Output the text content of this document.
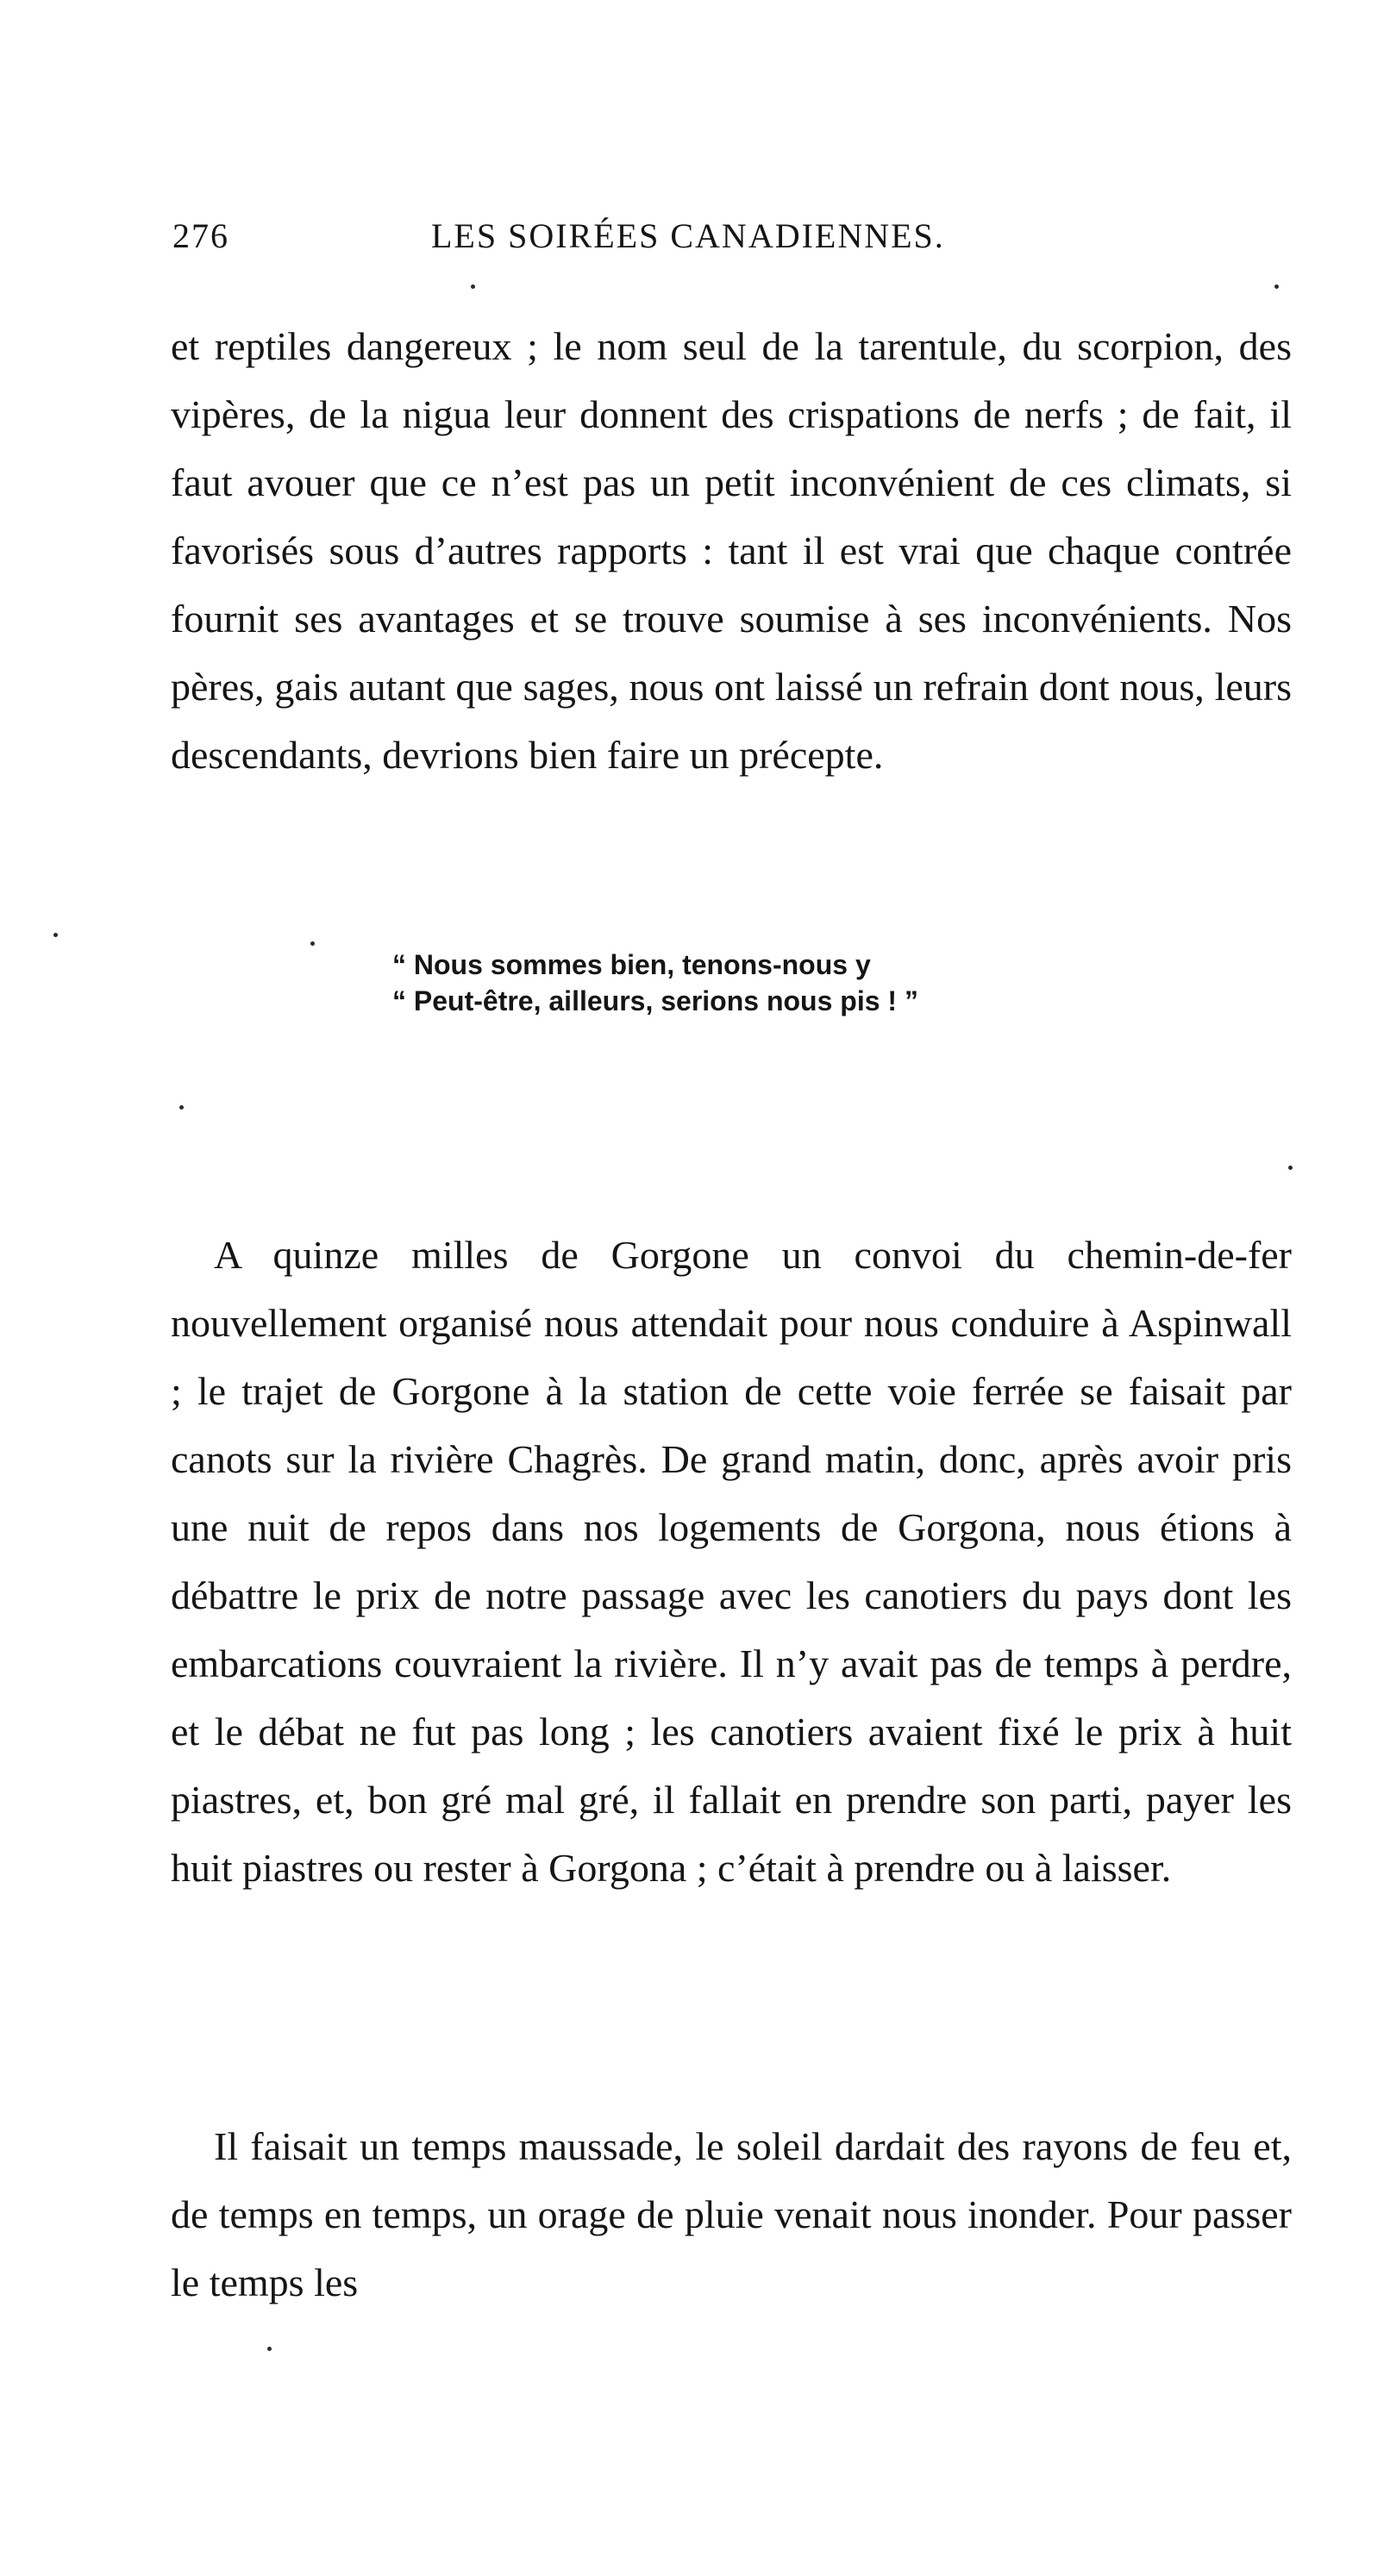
276	LES SOIRÉES CANADIENNES.

et reptiles dangereux ; le nom seul de la tarentule, du scorpion, des vipères, de la nigua leur donnent des crispations de nerfs ; de fait, il faut avouer que ce n’est pas un petit inconvénient de ces climats, si favorisés sous d’autres rapports : tant il est vrai que chaque contrée fournit ses avantages et se trouve soumise à ses inconvénients. Nos pères, gais autant que sages, nous ont laissé un refrain dont nous, leurs descendants, devrions bien faire un précepte.

“ Nous sommes bien, tenons-nous y
“ Peut-être, ailleurs, serions nous pis ! ”

A quinze milles de Gorgone un convoi du chemin-de-fer nouvellement organisé nous attendait pour nous conduire à Aspinwall ; le trajet de Gorgone à la station de cette voie ferrée se faisait par canots sur la rivière Chagrès. De grand matin, donc, après avoir pris une nuit de repos dans nos logements de Gorgona, nous étions à débattre le prix de notre passage avec les canotiers du pays dont les embarcations couvraient la rivière. Il n’y avait pas de temps à perdre, et le débat ne fut pas long ; les canotiers avaient fixé le prix à huit piastres, et, bon gré mal gré, il fallait en prendre son parti, payer les huit piastres ou rester à Gorgona ; c’était à prendre ou à laisser.

Il faisait un temps maussade, le soleil dardait des rayons de feu et, de temps en temps, un orage de pluie venait nous inonder. Pour passer le temps les
